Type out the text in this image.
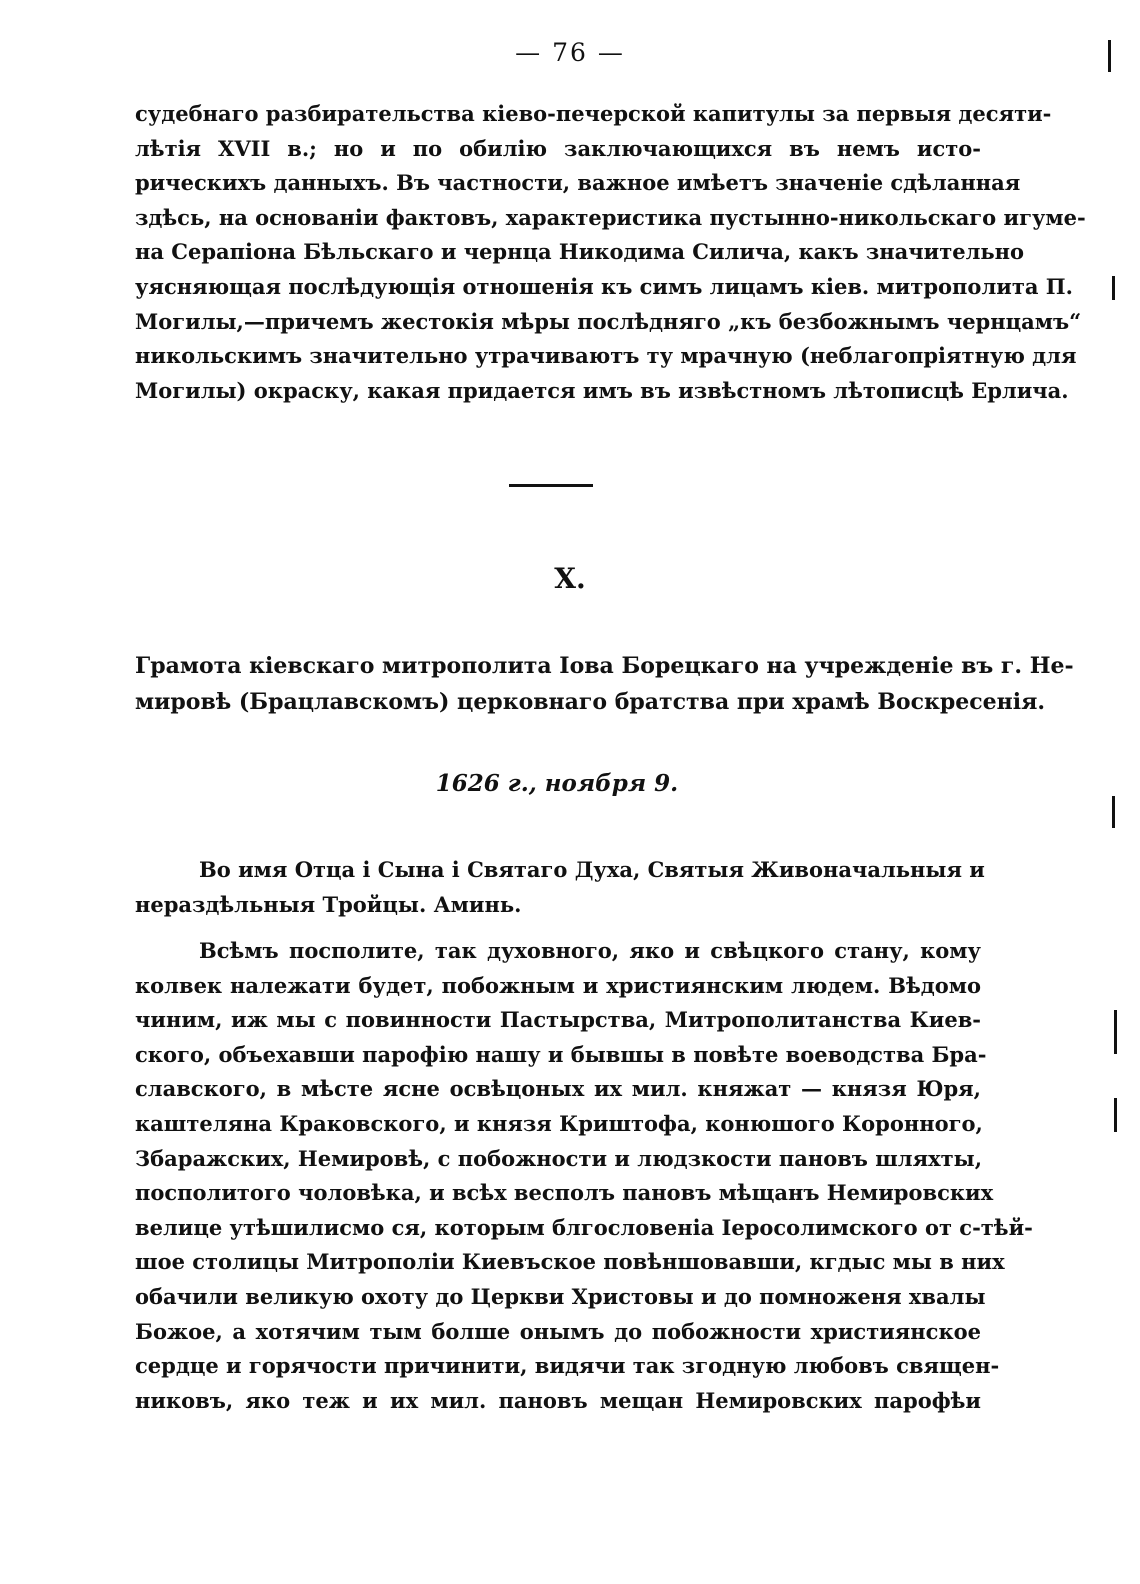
— 76 —
судебнаго разбирательства кіево-печерской капитулы за первыя десяти-
лѣтія XVII в.; но и по обилію заключающихся въ немъ исто-
рическихъ данныхъ. Въ частности, важное имѣетъ значеніе сдѣланная
здѣсь, на основаніи фактовъ, характеристика пустынно-никольскаго игуме-
на Серапіона Бѣльскаго и чернца Никодима Силича, какъ значительно
уясняющая послѣдующія отношенія къ симъ лицамъ кіев. митрополита П.
Могилы,—причемъ жестокія мѣры послѣдняго „къ безбожнымъ чернцамъ“
никольскимъ значительно утрачиваютъ ту мрачную (неблагопріятную для
Могилы) окраску, какая придается имъ въ извѣстномъ лѣтописцѣ Ерлича.
X.
Грамота кіевскаго митрополита Іова Борецкаго на учрежденіе въ г. Не-
мировѣ (Брацлавскомъ) церковнаго братства при храмѣ Воскресенія.
1626 г., ноября 9.
Во имя Отца і Сына і Святаго Духа, Святыя Живоначальныя и
нераздѣльныя Тройцы. Аминь.
Всѣмъ посполите, так духовного, яко и свѣцкого стану, кому
колвек належати будет, побожным и християнским людем. Вѣдомо
чиним, иж мы с повинности Пастырства, Митрополитанства Киев-
ского, объехавши парофію нашу и бывшы в повѣте воеводства Бра-
славского, в мѣсте ясне освѣцоных их мил. княжат — князя Юря,
каштеляна Краковского, и князя Криштофа, конюшого Коронного,
Збаражских, Немировѣ, с побожности и людзкости пановъ шляхты,
посполитого чоловѣка, и всѣх весполъ пановъ мѣщанъ Немировских
велице утѣшилисмо ся, которым блгословеніа Іеросолимского от с-тѣй-
шое столицы Митрополіи Киевъское повѣншовавши, кгдыс мы в них
обачили великую охоту до Церкви Христовы и до помноженя хвалы
Божое, а хотячим тым болше онымъ до побожности християнское
сердце и горячости причинити, видячи так згодную любовъ священ-
никовъ, яко теж и их мил. пановъ мещан Немировских парофѣи
